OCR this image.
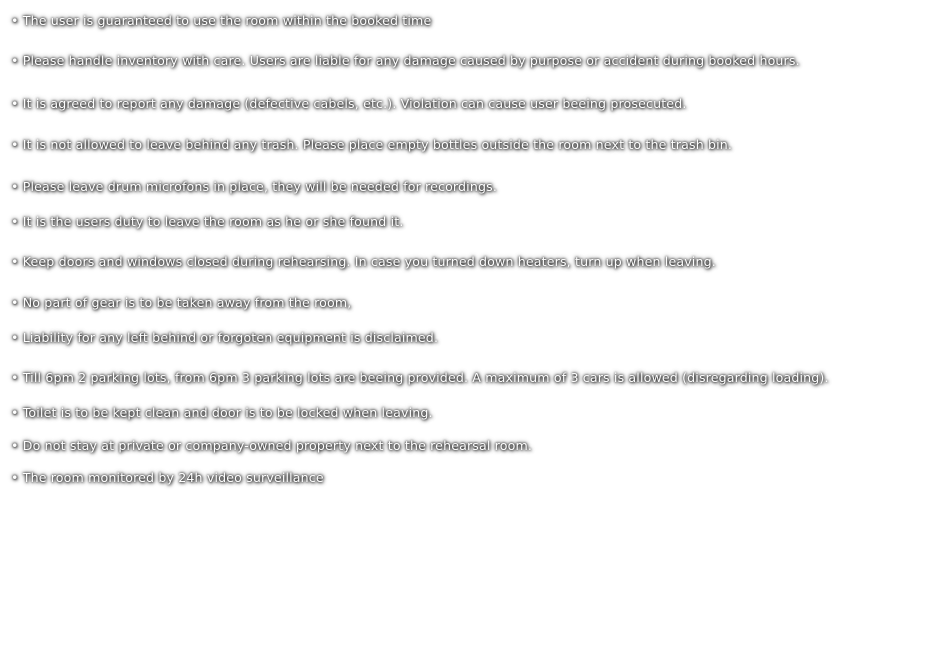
• The user is guaranteed to use the room within the booked time
• Please handle inventory with care. Users are liable for any damage caused by purpose or accident during booked hours.
• It is agreed to report any damage (defective cabels, etc.). Violation can cause user beeing prosecuted.
• It is not allowed to leave behind any trash. Please place empty bottles outside the room next to the trash bin.
• Please leave drum microfons in place, they will be needed for recordings.
• It is the users duty to leave the room as he or she found it.
• Keep doors and windows closed during rehearsing. In case you turned down heaters, turn up when leaving.
• No part of gear is to be taken away from the room,
• Liability for any left behind or forgoten equipment is disclaimed.
• Till 6pm 2 parking lots, from 6pm 3 parking lots are beeing provided. A maximum of 3 cars is allowed (disregarding loading).
• Toilet is to be kept clean and door is to be locked when leaving.
• Do not stay at private or company-owned property next to the rehearsal room.
• The room monitored by 24h video surveillance
